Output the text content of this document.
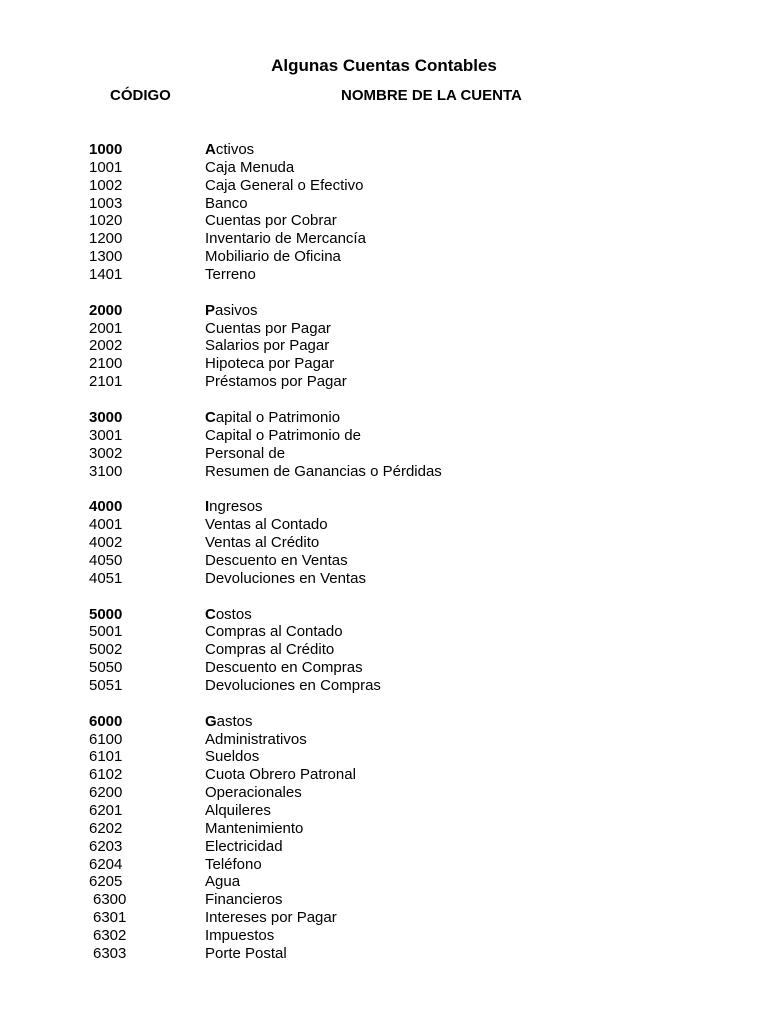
Algunas Cuentas Contables
CÓDIGO	NOMBRE DE LA CUENTA
1000	Activos
1001	Caja Menuda
1002	Caja General o Efectivo
1003	Banco
1020	Cuentas por Cobrar
1200	Inventario de Mercancía
1300	Mobiliario de Oficina
1401	Terreno
2000	Pasivos
2001	Cuentas por Pagar
2002	Salarios por Pagar
2100	Hipoteca por Pagar
2101	Préstamos por Pagar
3000	Capital o Patrimonio
3001	Capital o Patrimonio de
3002	Personal de
3100	Resumen de Ganancias o Pérdidas
4000	Ingresos
4001	Ventas al Contado
4002	Ventas al Crédito
4050	Descuento en Ventas
4051	Devoluciones en Ventas
5000	Costos
5001	Compras al Contado
5002	Compras al Crédito
5050	Descuento en Compras
5051	Devoluciones en Compras
6000	Gastos
6100	Administrativos
6101	Sueldos
6102	Cuota Obrero Patronal
6200	Operacionales
6201	Alquileres
6202	Mantenimiento
6203	Electricidad
6204	Teléfono
6205	Agua
6300	Financieros
6301	Intereses por Pagar
6302	Impuestos
6303	Porte Postal
